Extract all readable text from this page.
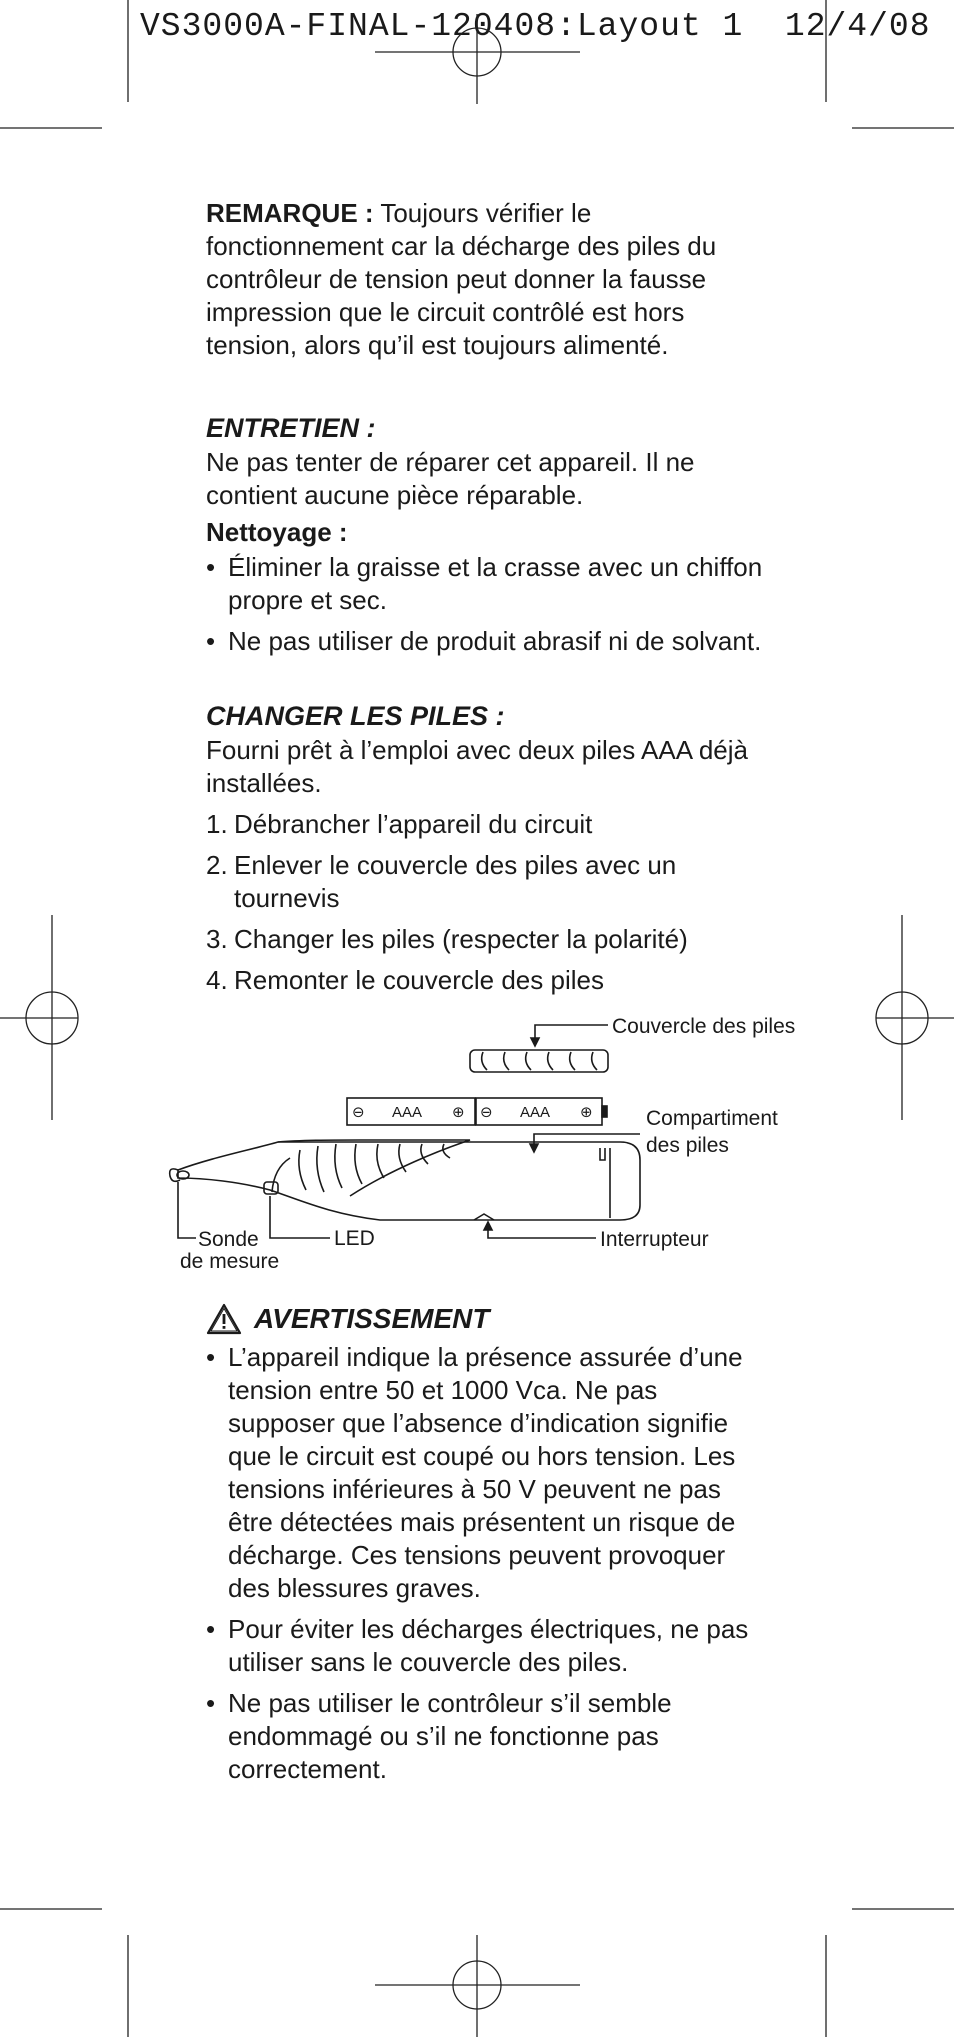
VS3000A-FINAL-120408:Layout 1  12/4/08

REMARQUE : Toujours vérifier le fonctionnement car la décharge des piles du contrôleur de tension peut donner la fausse impression que le circuit contrôlé est hors tension, alors qu’il est toujours alimenté.

ENTRETIEN :

Ne pas tenter de réparer cet appareil. Il ne contient aucune pièce réparable.

Nettoyage :
• Éliminer la graisse et la crasse avec un chiffon propre et sec.
• Ne pas utiliser de produit abrasif ni de solvant.
CHANGER LES PILES :

Fourni prêt à l’emploi avec deux piles AAA déjà installées.

1. Débrancher l’appareil du circuit
2. Enlever le couvercle des piles avec un tournevis
3. Changer les piles (respecter la polarité)
4. Remonter le couvercle des piles
⊖ AAA ⊕ ⊖ AAA ⊕
Couvercle des piles
Compartiment
des piles
Sonde
de mesure
LED	Interrupteur
AVERTISSEMENT
• L’appareil indique la présence assurée d’une tension entre 50 et 1000 Vca. Ne pas supposer que l’absence d’indication signifie que le circuit est coupé ou hors tension. Les tensions inférieures à 50 V peuvent ne pas être détectées mais présentent un risque de décharge. Ces tensions peuvent provoquer des blessures graves.
• Pour éviter les décharges électriques, ne pas utiliser sans le couvercle des piles.
• Ne pas utiliser le contrôleur s’il semble endommagé ou s’il ne fonctionne pas correctement.
